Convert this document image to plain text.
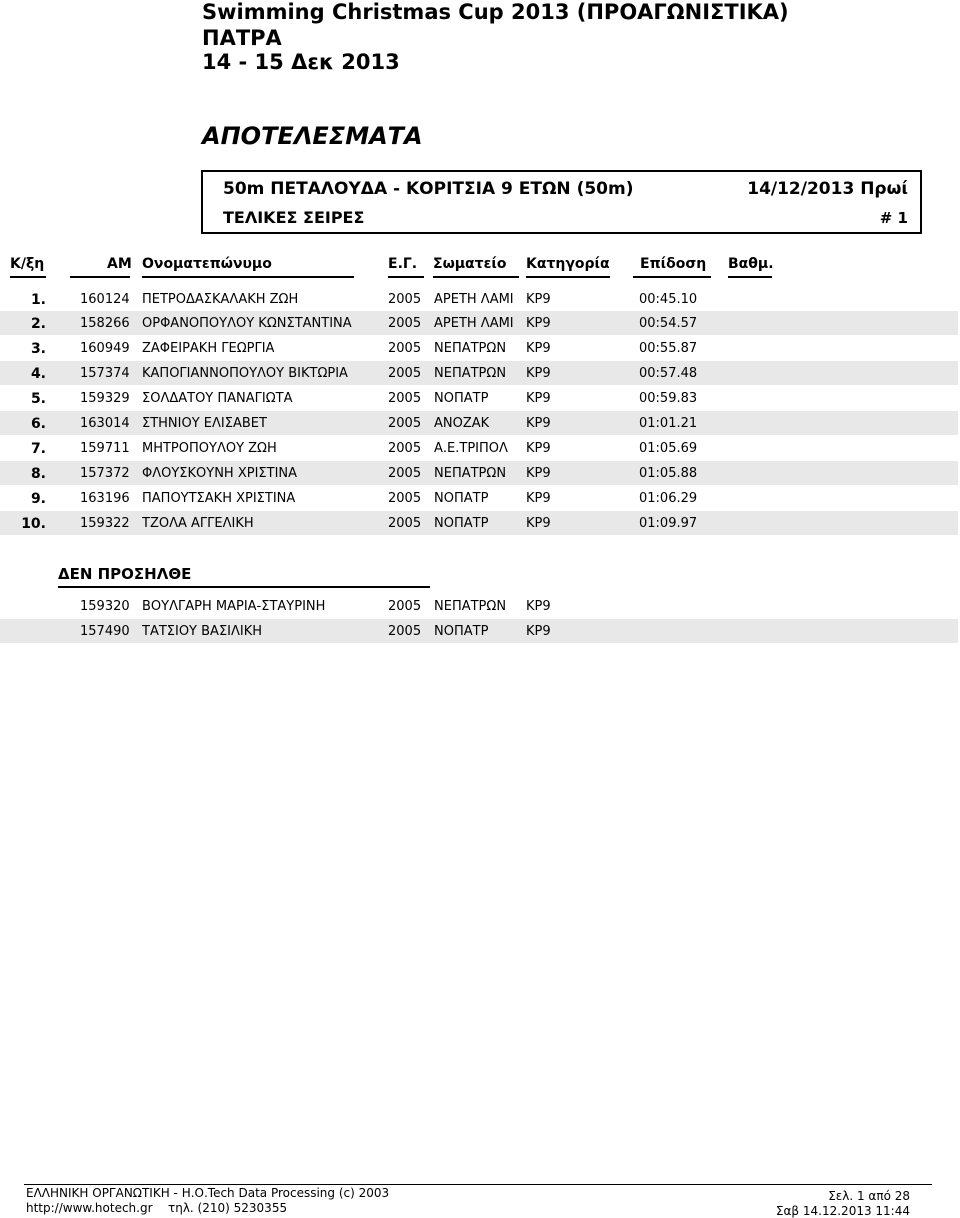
Swimming Christmas Cup 2013 (ΠΡΟΑΓΩΝΙΣΤΙΚΑ)
ΠΑΤΡΑ
14 - 15 Δεκ 2013
ΑΠΟΤΕΛΕΣΜΑΤΑ
50m ΠΕΤΑΛΟΥΔΑ - ΚΟΡΙΤΣΙΑ 9 ΕΤΩΝ (50m)	14/12/2013 Πρωί
ΤΕΛΙΚΕΣ ΣΕΙΡΕΣ	# 1
Κ/ξη	ΑΜ Ονοματεπώνυμο	Ε.Γ. Σωματείο Κατηγορία Επίδοση Βαθμ.
1.	160124 ΠΕΤΡΟΔΑΣΚΑΛΑΚΗ ΖΩΗ	2005 ΑΡΕΤΗ ΛΑΜΙ ΚΡ9	00:45.10
2.	158266 ΟΡΦΑΝΟΠΟΥΛΟΥ ΚΩΝΣΤΑΝΤΙΝΑ	2005 ΑΡΕΤΗ ΛΑΜΙ ΚΡ9	00:54.57
3.	160949 ΖΑΦΕΙΡΑΚΗ ΓΕΩΡΓΙΑ	2005 ΝΕΠΑΤΡΩΝ ΚΡ9	00:55.87
4.	157374 ΚΑΠΟΓΙΑΝΝΟΠΟΥΛΟΥ ΒΙΚΤΩΡΙΑ	2005 ΝΕΠΑΤΡΩΝ ΚΡ9	00:57.48
5.	159329 ΣΟΛΔΑΤΟΥ ΠΑΝΑΓΙΩΤΑ	2005 ΝΟΠΑΤΡ	ΚΡ9	00:59.83
6.	163014 ΣΤΗΝΙΟΥ ΕΛΙΣΑΒΕΤ	2005 ΑΝΟΖΑΚ	ΚΡ9	01:01.21
7.	159711 ΜΗΤΡΟΠΟΥΛΟΥ ΖΩΗ	2005 Α.Ε.ΤΡΙΠΟΛ ΚΡ9	01:05.69
8.	157372 ΦΛΟΥΣΚΟΥΝΗ ΧΡΙΣΤΙΝΑ	2005 ΝΕΠΑΤΡΩΝ ΚΡ9	01:05.88
9.	163196 ΠΑΠΟΥΤΣΑΚΗ ΧΡΙΣΤΙΝΑ	2005 ΝΟΠΑΤΡ	ΚΡ9	01:06.29
10.	159322 ΤΖΟΛΑ ΑΓΓΕΛΙΚΗ	2005 ΝΟΠΑΤΡ	ΚΡ9	01:09.97
ΔΕΝ ΠΡΟΣΗΛΘΕ
159320 ΒΟΥΛΓΑΡΗ ΜΑΡΙΑ-ΣΤΑΥΡΙΝΗ	2005 ΝΕΠΑΤΡΩΝ ΚΡ9
157490 ΤΑΤΣΙΟΥ ΒΑΣΙΛΙΚΗ	2005 ΝΟΠΑΤΡ	ΚΡ9
ΕΛΛΗΝΙΚΗ ΟΡΓΑΝΩΤΙΚΗ - Η.Ο.Tech Data Processing (c) 2003
http://www.hotech.gr τηλ. (210) 5230355
Σελ. 1 από 28
Σαβ 14.12.2013 11:44
